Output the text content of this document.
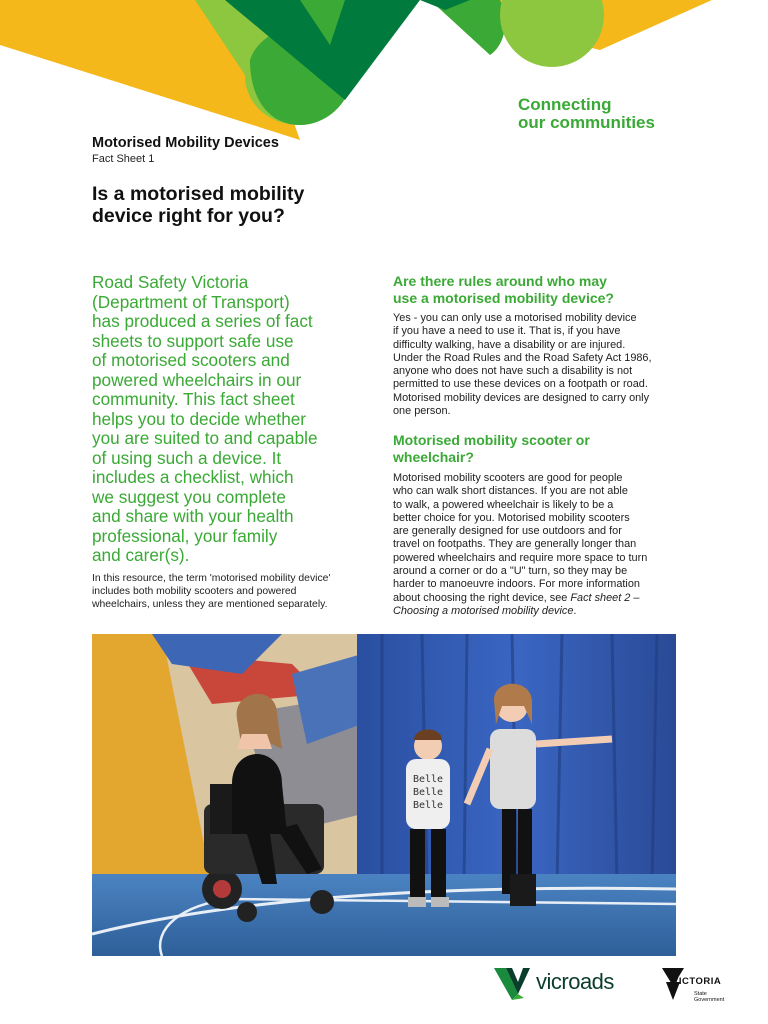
Connecting
our communities
Motorised Mobility Devices
Fact Sheet 1
Is a motorised mobility
device right for you?
Road Safety Victoria
(Department of Transport)
has produced a series of fact
sheets to support safe use
of motorised scooters and
powered wheelchairs in our
community. This fact sheet
helps you to decide whether
you are suited to and capable
of using such a device. It
includes a checklist, which
we suggest you complete
and share with your health
professional, your family
and carer(s).
In this resource, the term 'motorised mobility device'
includes both mobility scooters and powered
wheelchairs, unless they are mentioned separately.
Are there rules around who may
use a motorised mobility device?
Yes - you can only use a motorised mobility device
if you have a need to use it. That is, if you have
difficulty walking, have a disability or are injured.
Under the Road Rules and the Road Safety Act 1986,
anyone who does not have such a disability is not
permitted to use these devices on a footpath or road.
Motorised mobility devices are designed to carry only
one person.
Motorised mobility scooter or
wheelchair?
Motorised mobility scooters are good for people
who can walk short distances. If you are not able
to walk, a powered wheelchair is likely to be a
better choice for you. Motorised mobility scooters
are generally designed for use outdoors and for
travel on footpaths. They are generally longer than
powered wheelchairs and require more space to turn
around a corner or do a "U" turn, so they may be
harder to manoeuvre indoors. For more information
about choosing the right device, see Fact sheet 2 –
Choosing a motorised mobility device.
Belle
Belle
Belle
vicroads	VICTORIA
State
Government
